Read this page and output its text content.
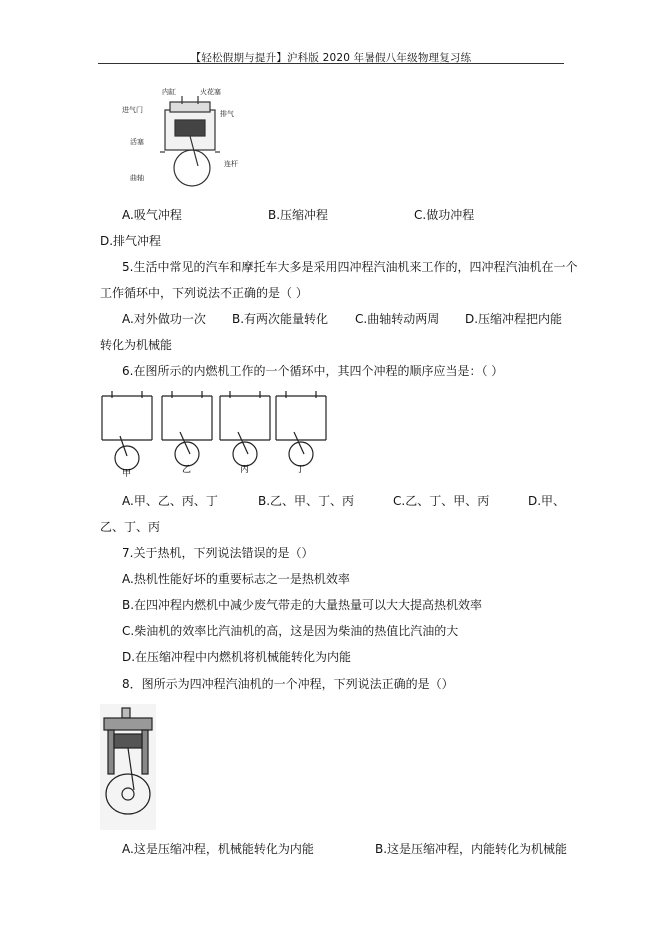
【轻松假期与提升】沪科版 2020 年暑假八年级物理复习练
内缸	火花塞
进气门	排气
活塞
连杆
曲轴
A.吸气冲程	B.压缩冲程	C.做功冲程
D.排气冲程
5.生活中常见的汽车和摩托车大多是采用四冲程汽油机来工作的，四冲程汽油机在一个
工作循环中，下列说法不正确的是（ ）
A.对外做功一次 B.有两次能量转化 C.曲轴转动两周 D.压缩冲程把内能
转化为机械能
6.在图所示的内燃机工作的一个循环中，其四个冲程的顺序应当是：（ ）
甲	乙	丙	丁
A.甲、乙、丙、丁	B.乙、甲、丁、丙	C.乙、丁、甲、丙	D.甲、
乙、丁、丙
7.关于热机，下列说法错误的是（）
A.热机性能好坏的重要标志之一是热机效率
B.在四冲程内燃机中减少废气带走的大量热量可以大大提高热机效率
C.柴油机的效率比汽油机的高，这是因为柴油的热值比汽油的大
D.在压缩冲程中内燃机将机械能转化为内能
8．图所示为四冲程汽油机的一个冲程，下列说法正确的是（）
A.这是压缩冲程，机械能转化为内能	B.这是压缩冲程，内能转化为机械能
